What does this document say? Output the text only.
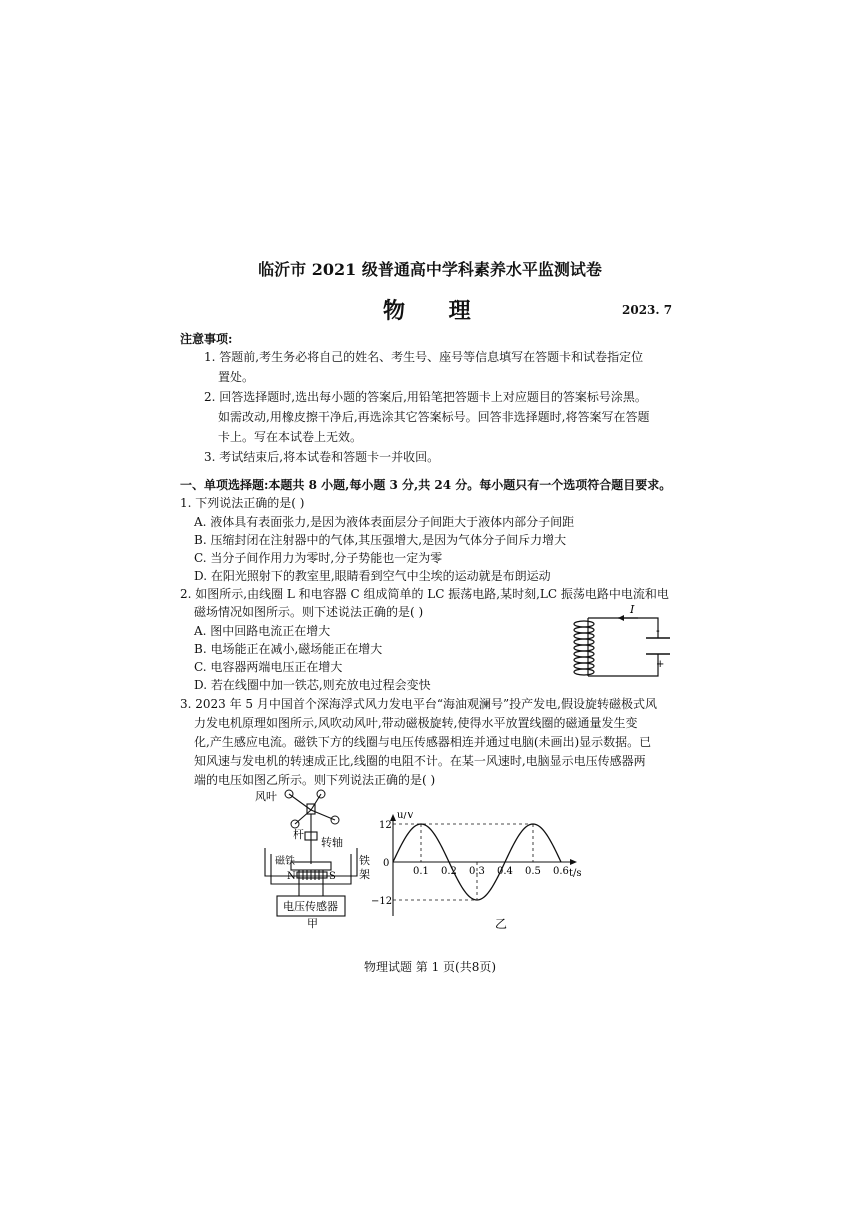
临沂市 2021 级普通高中学科素养水平监测试卷
物 理	2023. 7
注意事项:
1. 答题前,考生务必将自己的姓名、考生号、座号等信息填写在答题卡和试卷指定位
置处。
2. 回答选择题时,选出每小题的答案后,用铅笔把答题卡上对应题目的答案标号涂黑。
如需改动,用橡皮擦干净后,再选涂其它答案标号。回答非选择题时,将答案写在答题
卡上。写在本试卷上无效。
3. 考试结束后,将本试卷和答题卡一并收回。
一、单项选择题:本题共 8 小题,每小题 3 分,共 24 分。每小题只有一个选项符合题目要求。
1. 下列说法正确的是( )
A. 液体具有表面张力,是因为液体表面层分子间距大于液体内部分子间距
B. 压缩封闭在注射器中的气体,其压强增大,是因为气体分子间斥力增大
C. 当分子间作用力为零时,分子势能也一定为零
D. 在阳光照射下的教室里,眼睛看到空气中尘埃的运动就是布朗运动
2. 如图所示,由线圈 L 和电容器 C 组成简单的 LC 振荡电路,某时刻,LC 振荡电路中电流和电
磁场情况如图所示。则下述说法正确的是( )
A. 图中回路电流正在增大
B. 电场能正在减小,磁场能正在增大
C. 电容器两端电压正在增大
D. 若在线圈中加一铁芯,则充放电过程会变快
I
-
+
3. 2023 年 5 月中国首个深海浮式风力发电平台“海油观澜号”投产发电,假设旋转磁极式风
力发电机原理如图所示,风吹动风叶,带动磁极旋转,使得水平放置线圈的磁通量发生变
化,产生感应电流。磁铁下方的线圈与电压传感器相连并通过电脑(未画出)显示数据。已
知风速与发电机的转速成正比,线圈的电阻不计。在某一风速时,电脑显示电压传感器两
端的电压如图乙所示。则下列说法正确的是( )
风叶
杆
转轴
磁铁
N	S
铁
架
电压传感器
甲
0.1 0.2 0.3 0.4 0.5 0.6
12
0
−12
u/V
t/s
乙
物理试题 第 1 页(共8页)
